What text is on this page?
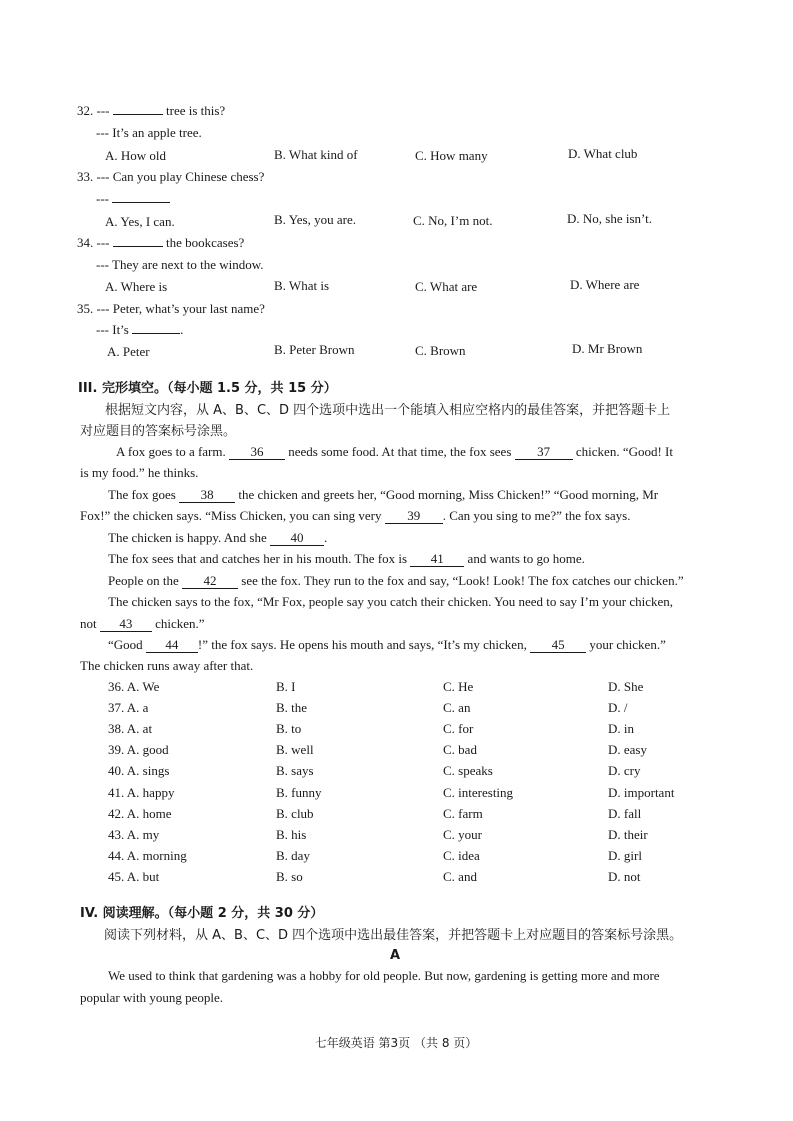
32. ---	tree is this?
--- It’s an apple tree.
A. How old	B. What kind of	C. How many	D. What club
33. --- Can you play Chinese chess?
---
A. Yes, I can.	B. Yes, you are.	C. No, I’m not.	D. No, she isn’t.
34. ---	the bookcases?
--- They are next to the window.
A. Where is	B. What is	C. What are	D. Where are
35. --- Peter, what’s your last name?
--- It’s	.
A. Peter	B. Peter Brown	C. Brown	D. Mr Brown
III. 完形填空。（每小题 1.5 分，共 15 分）
根据短文内容，从 A、B、C、D 四个选项中选出一个能填入相应空格内的最佳答案，并把答题卡上
对应题目的答案标号涂黑。
A fox goes to a farm. 36 needs some food. At that time, the fox sees 37 chicken. “Good! It
is my food.” he thinks.
The fox goes 38 the chicken and greets her, “Good morning, Miss Chicken!” “Good morning, Mr
Fox!” the chicken says. “Miss Chicken, you can sing very 39 . Can you sing to me?” the fox says.
The chicken is happy. And she 40 .
The fox sees that and catches her in his mouth. The fox is 41 and wants to go home.
People on the 42 see the fox. They run to the fox and say, “Look! Look! The fox catches our chicken.”
The chicken says to the fox, “Mr Fox, people say you catch their chicken. You need to say I’m your chicken,
not 43 chicken.”
“Good 44 !” the fox says. He opens his mouth and says, “It’s my chicken, 45 your chicken.”
The chicken runs away after that.
36. A. We	B. I	C. He	D. She
37. A. a	B. the	C. an	D. /
38. A. at	B. to	C. for	D. in
39. A. good	B. well	C. bad	D. easy
40. A. sings	B. says	C. speaks	D. cry
41. A. happy	B. funny	C. interesting	D. important
42. A. home	B. club	C. farm	D. fall
43. A. my	B. his	C. your	D. their
44. A. morning	B. day	C. idea	D. girl
45. A. but	B. so	C. and	D. not
IV. 阅读理解。（每小题 2 分，共 30 分）
阅读下列材料，从 A、B、C、D 四个选项中选出最佳答案，并把答题卡上对应题目的答案标号涂黑。
A
We used to think that gardening was a hobby for old people. But now, gardening is getting more and more
popular with young people.
七年级英语 第3页 （共 8 页）
